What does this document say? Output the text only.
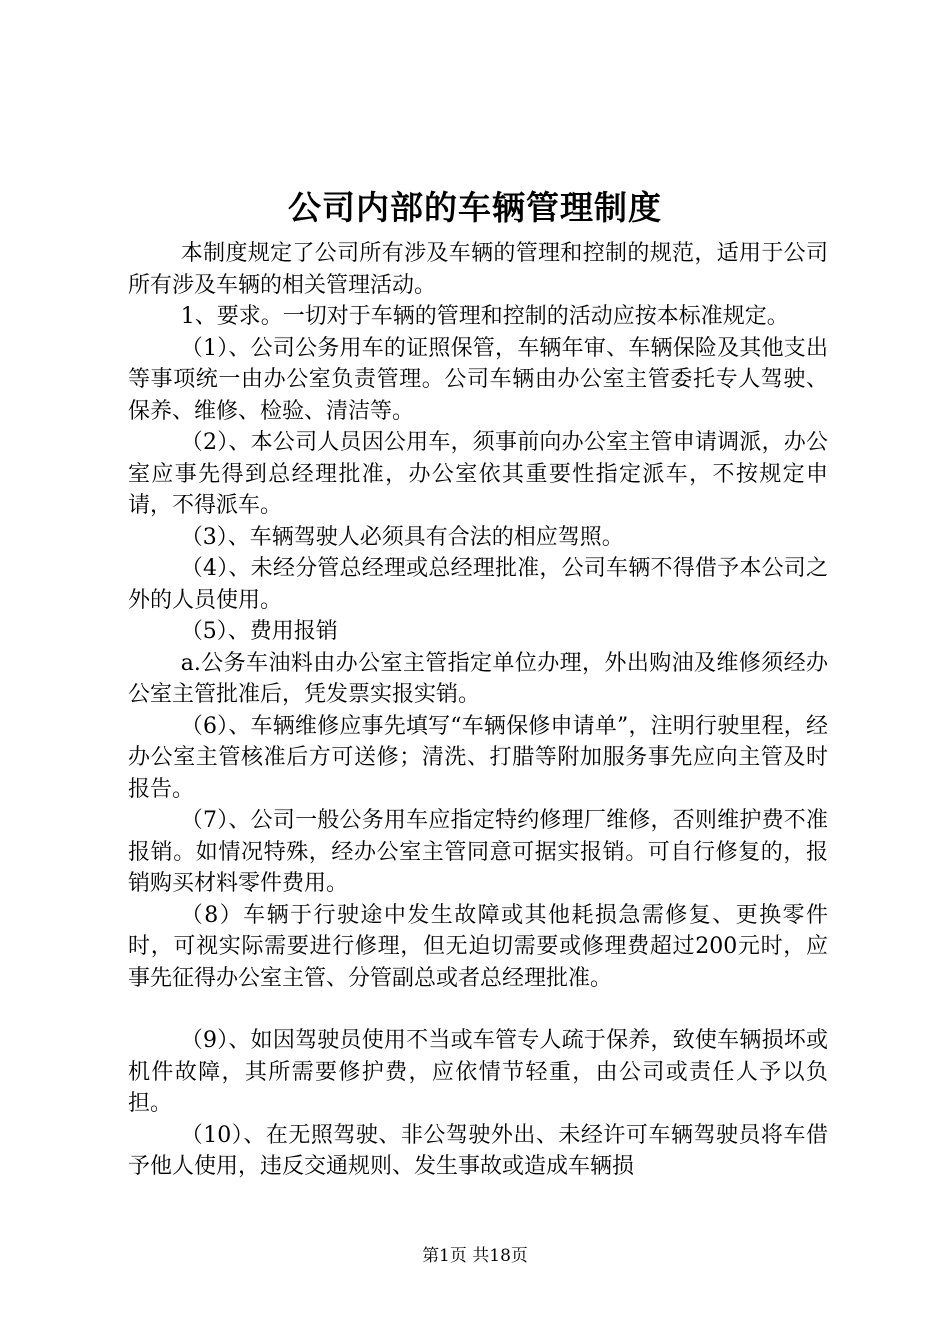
公司内部的车辆管理制度

本制度规定了公司所有涉及车辆的管理和控制的规范，适用于公司所有涉及车辆的相关管理活动。

1、要求。一切对于车辆的管理和控制的活动应按本标准规定。

（1）、公司公务用车的证照保管，车辆年审、车辆保险及其他支出等事项统一由办公室负责管理。公司车辆由办公室主管委托专人驾驶、保养、维修、检验、清洁等。

（2）、本公司人员因公用车，须事前向办公室主管申请调派，办公室应事先得到总经理批准，办公室依其重要性指定派车，不按规定申请，不得派车。

（3）、车辆驾驶人必须具有合法的相应驾照。

（4）、未经分管总经理或总经理批准，公司车辆不得借予本公司之外的人员使用。

（5）、费用报销

a.公务车油料由办公室主管指定单位办理，外出购油及维修须经办公室主管批准后，凭发票实报实销。

（6）、车辆维修应事先填写“车辆保修申请单”，注明行驶里程，经办公室主管核准后方可送修；清洗、打腊等附加服务事先应向主管及时报告。

（7）、公司一般公务用车应指定特约修理厂维修，否则维护费不准报销。如情况特殊，经办公室主管同意可据实报销。可自行修复的，报销购买材料零件费用。

（8）车辆于行驶途中发生故障或其他耗损急需修复、更换零件时，可视实际需要进行修理，但无迫切需要或修理费超过200元时，应事先征得办公室主管、分管副总或者总经理批准。

（9）、如因驾驶员使用不当或车管专人疏于保养，致使车辆损坏或机件故障，其所需要修护费，应依情节轻重，由公司或责任人予以负担。

（10）、在无照驾驶、非公驾驶外出、未经许可车辆驾驶员将车借予他人使用，违反交通规则、发生事故或造成车辆损

第1页 共18页
